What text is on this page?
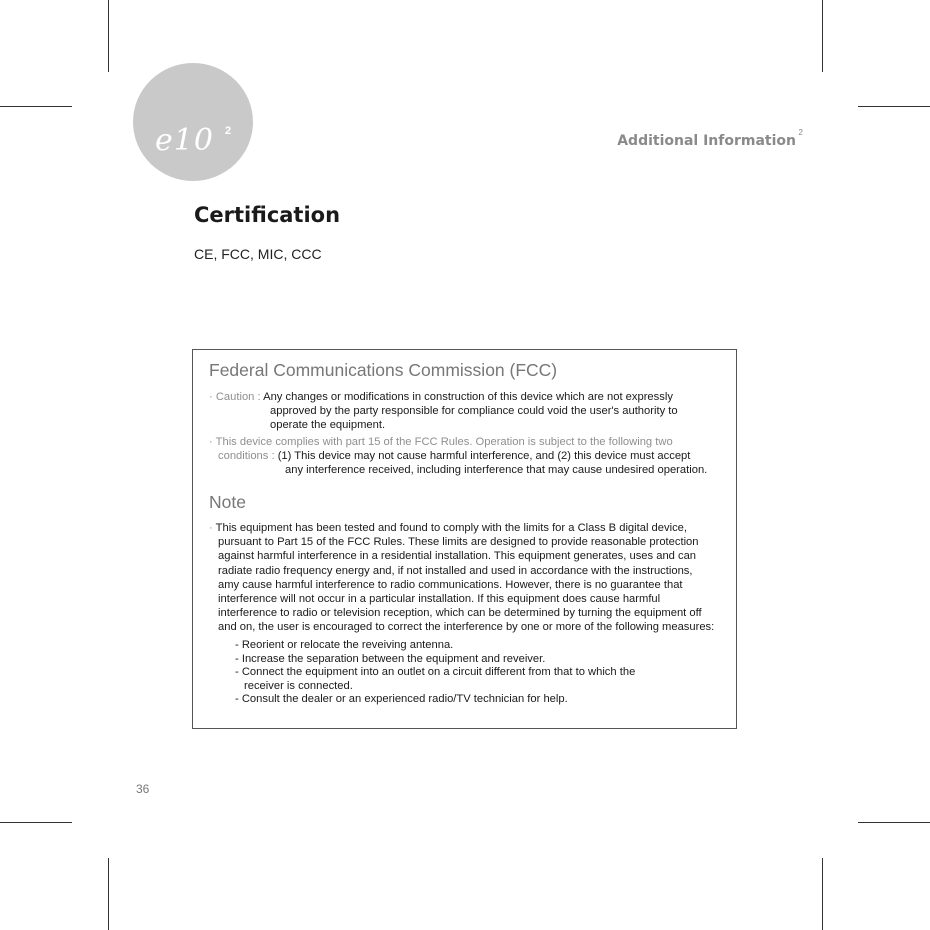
e10 2
Additional Information
2
Certification
CE, FCC, MIC, CCC
Federal Communications Commission (FCC)
· Caution : Any changes or modifications in construction of this device which are not expressly
approved by the party responsible for compliance could void the user's authority to
operate the equipment.
· This device complies with part 15 of the FCC Rules. Operation is subject to the following two
conditions : (1) This device may not cause harmful interference, and (2) this device must accept
any interference received, including interference that may cause undesired operation.
Note
· This equipment has been tested and found to comply with the limits for a Class B digital device,
pursuant to Part 15 of the FCC Rules. These limits are designed to provide reasonable protection
against harmful interference in a residential installation. This equipment generates, uses and can
radiate radio frequency energy and, if not installed and used in accordance with the instructions,
amy cause harmful interference to radio communications. However, there is no guarantee that
interference will not occur in a particular installation. If this equipment does cause harmful
interference to radio or television reception, which can be determined by turning the equipment off
and on, the user is encouraged to correct the interference by one or more of the following measures:
- Reorient or relocate the reveiving antenna.
- Increase the separation between the equipment and reveiver.
- Connect the equipment into an outlet on a circuit different from that to which the
receiver is connected.
- Consult the dealer or an experienced radio/TV technician for help.
36
